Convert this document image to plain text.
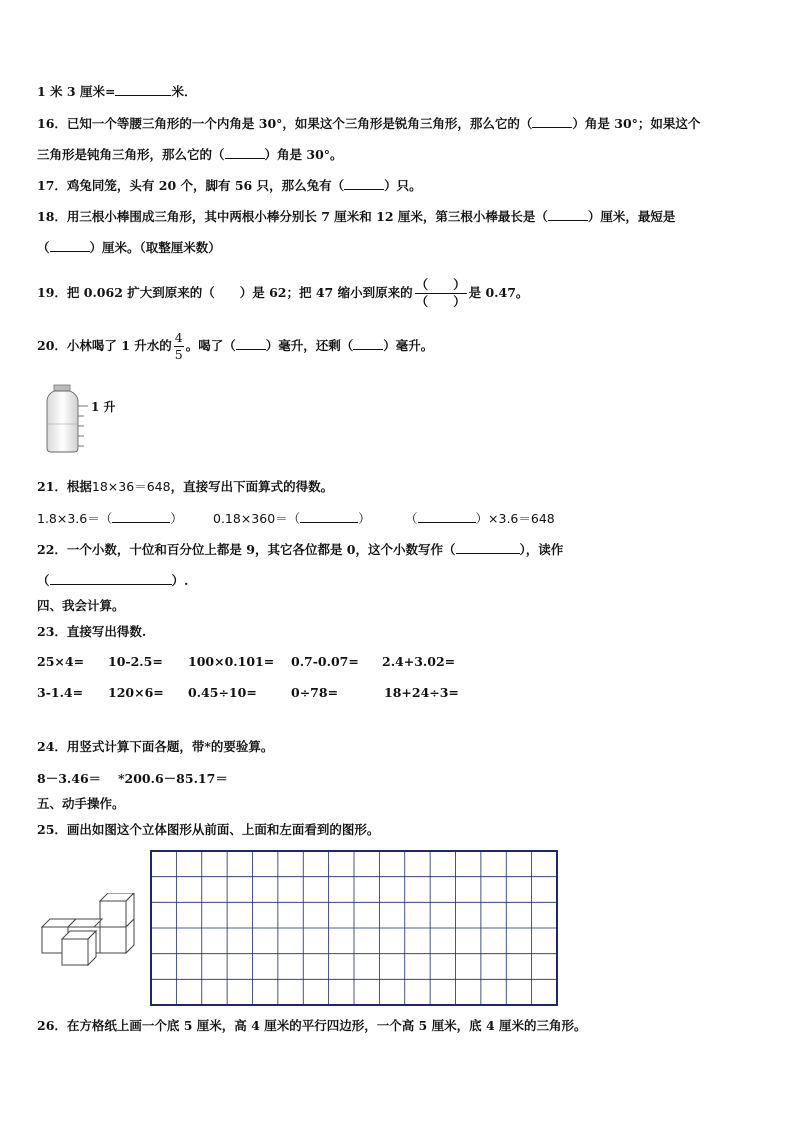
1 米 3 厘米=	米．
16．已知一个等腰三角形的一个内角是 30°，如果这个三角形是锐角三角形，那么它的（	）角是 30°；如果这个
三角形是钝角三角形，那么它的（	）角是 30°。
17．鸡兔同笼，头有 20 个，脚有 56 只，那么兔有（	）只。
18．用三根小棒围成三角形，其中两根小棒分别长 7 厘米和 12 厘米，第三根小棒最长是（	）厘米，最短是
（	）厘米。（取整厘米数）
19．把 0.062 扩大到原来的（　　）是 62；把 47 缩小到原来的 $\frac{( )}{( )}$ 是 0.47。
20．小林喝了 1 升水的 $\frac{4}{5}$ 。喝了（ ）毫升，还剩（ ）毫升。
1 升
21．根据18×36＝648，直接写出下面算式的得数。
1.8×3.6＝（	） 0.18×360＝（	）	（	）×3.6＝648
22．一个小数，十位和百分位上都是 9，其它各位都是 0，这个小数写作（	），读作
（	）.
四、我会计算。
23．直接写出得数.
25×4= 10-2.5= 100×0.101= 0.7-0.07= 2.4+3.02=
3-1.4= 120×6= 0.45÷10=	0÷78=	18+24÷3=
24．用竖式计算下面各题，带*的要验算。
8－3.46＝ *200.6－85.17＝
五、动手操作。
25．画出如图这个立体图形从前面、上面和左面看到的图形。
26．在方格纸上画一个底 5 厘米，高 4 厘米的平行四边形，一个高 5 厘米，底 4 厘米的三角形。
